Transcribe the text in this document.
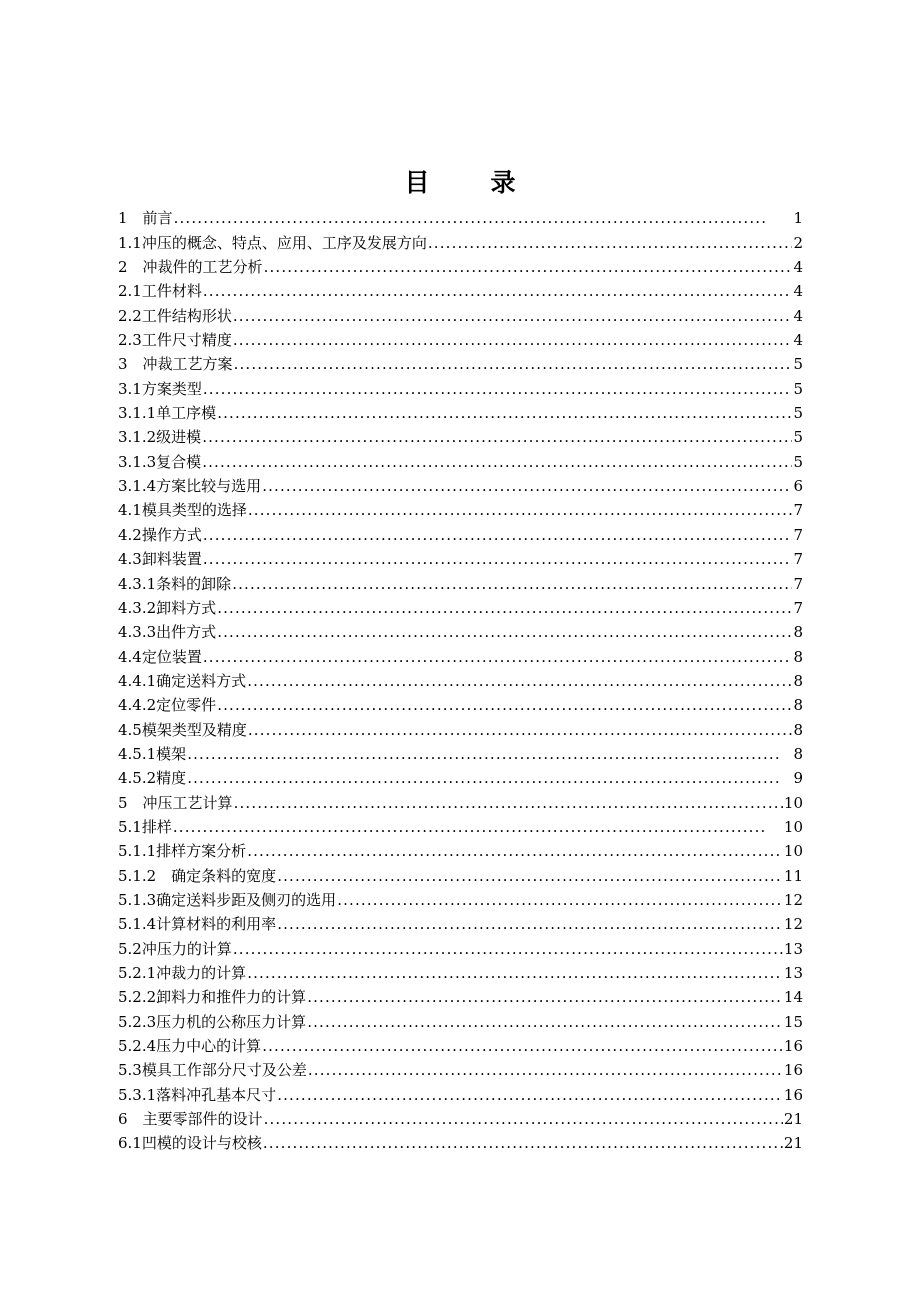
目　录
1　 前言 . . .	1
1.1 冲压的概念、特点、应用、工序及发展方向 . . .	2
2　 冲裁件的工艺分析 . . .	4
2.1 工件材料 . . .	4
2.2 工件结构形状 . . .	4
2.3 工件尺寸精度 . . .	4
3　 冲裁工艺方案 . . .	5
3.1 方案类型 . . .	5
3.1.1 单工序模 . . .	5
3.1.2 级进模 . . .	5
3.1.3 复合模 . . .	5
3.1.4 方案比较与选用 . . .	6
4.1 模具类型的选择 . . .	7
4.2 操作方式 . . .	7
4.3 卸料装置 . . .	7
4.3.1 条料的卸除 . . .	7
4.3.2 卸料方式 . . .	7
4.3.3 出件方式 . . .	8
4.4 定位装置 . . .	8
4.4.1 确定送料方式 . . .	8
4.4.2 定位零件 . . .	8
4.5 模架类型及精度 . . .	8
4.5.1 模架 . . .	8
4.5.2 精度 . . .	9
5　 冲压工艺计算 . . .	10
5.1 排样 . . .	10
5.1.1 排样方案分析 . . .	10
5.1.2　 确定条料的宽度 . . .	11
5.1.3 确定送料步距及侧刃的选用 . . .	12
5.1.4 计算材料的利用率 . . .	12
5.2 冲压力的计算 . . .	13
5.2.1 冲裁力的计算 . . .	13
5.2.2 卸料力和推件力的计算 . . .	14
5.2.3 压力机的公称压力计算 . . .	15
5.2.4 压力中心的计算 . . .	16
5.3 模具工作部分尺寸及公差 . . .	16
5.3.1 落料冲孔基本尺寸 . . .	16
6　 主要零部件的设计 . . .	21
6.1 凹模的设计与校核 . . .	21
